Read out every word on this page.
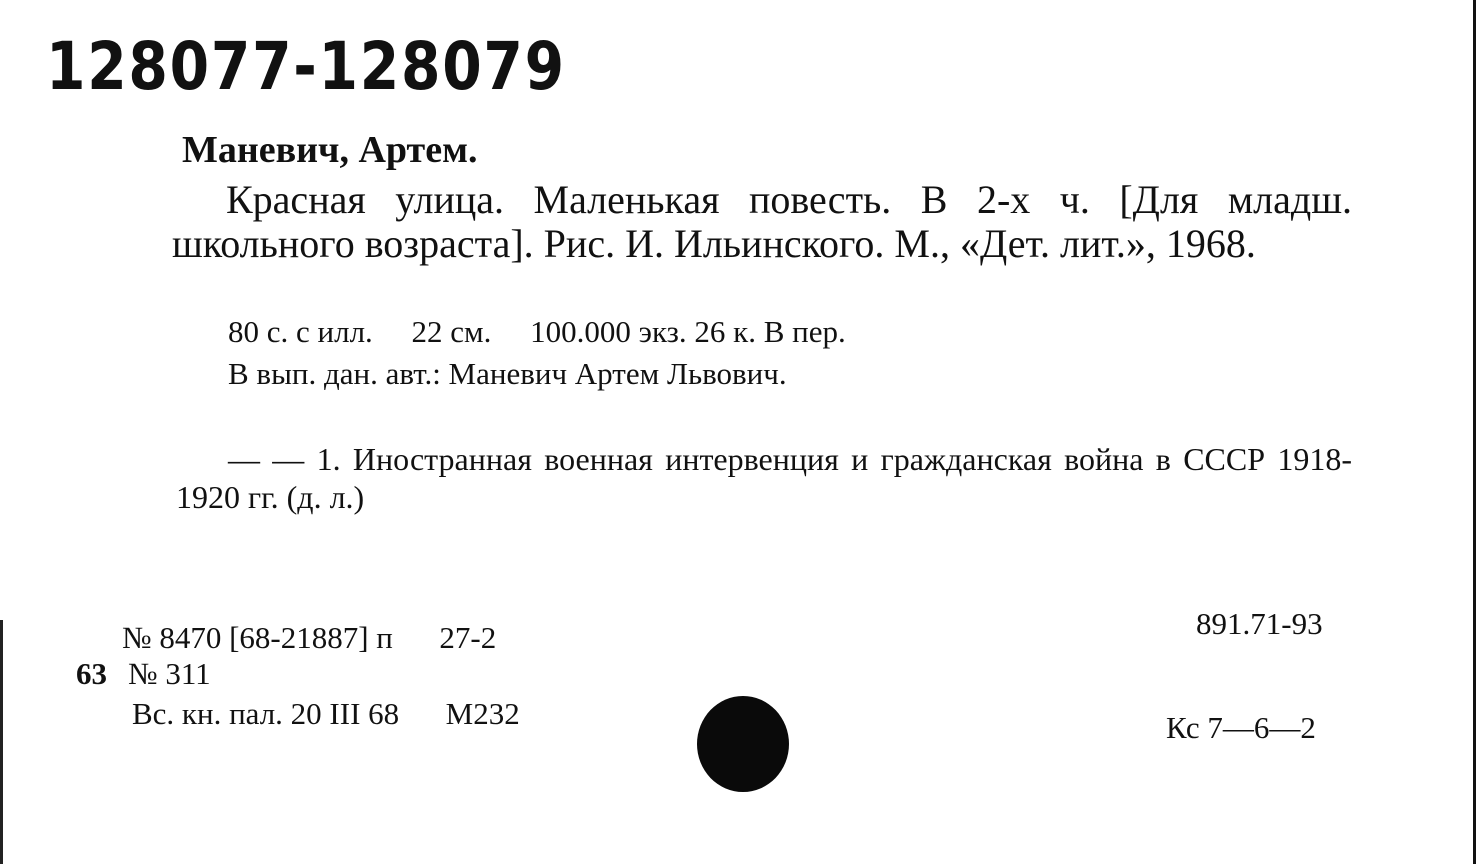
128077-128079
Маневич, Артем.
Красная улица. Маленькая повесть. В 2-х ч. [Для младш. школьного возраста]. Рис. И. Ильинского. М., «Дет. лит.», 1968.
80 с. с илл.     22 см.     100.000 экз. 26 к. В пер.
В вып. дан. авт.: Маневич Артем Львович.
— — 1. Иностранная военная интервенция и гражданская война в СССР 1918-1920 гг. (д. л.)
№ 8470 [68-21887] п      27-2
63 № 311
Вс. кн. пал. 20 III 68      М232
891.71-93
Кс 7—6—2
